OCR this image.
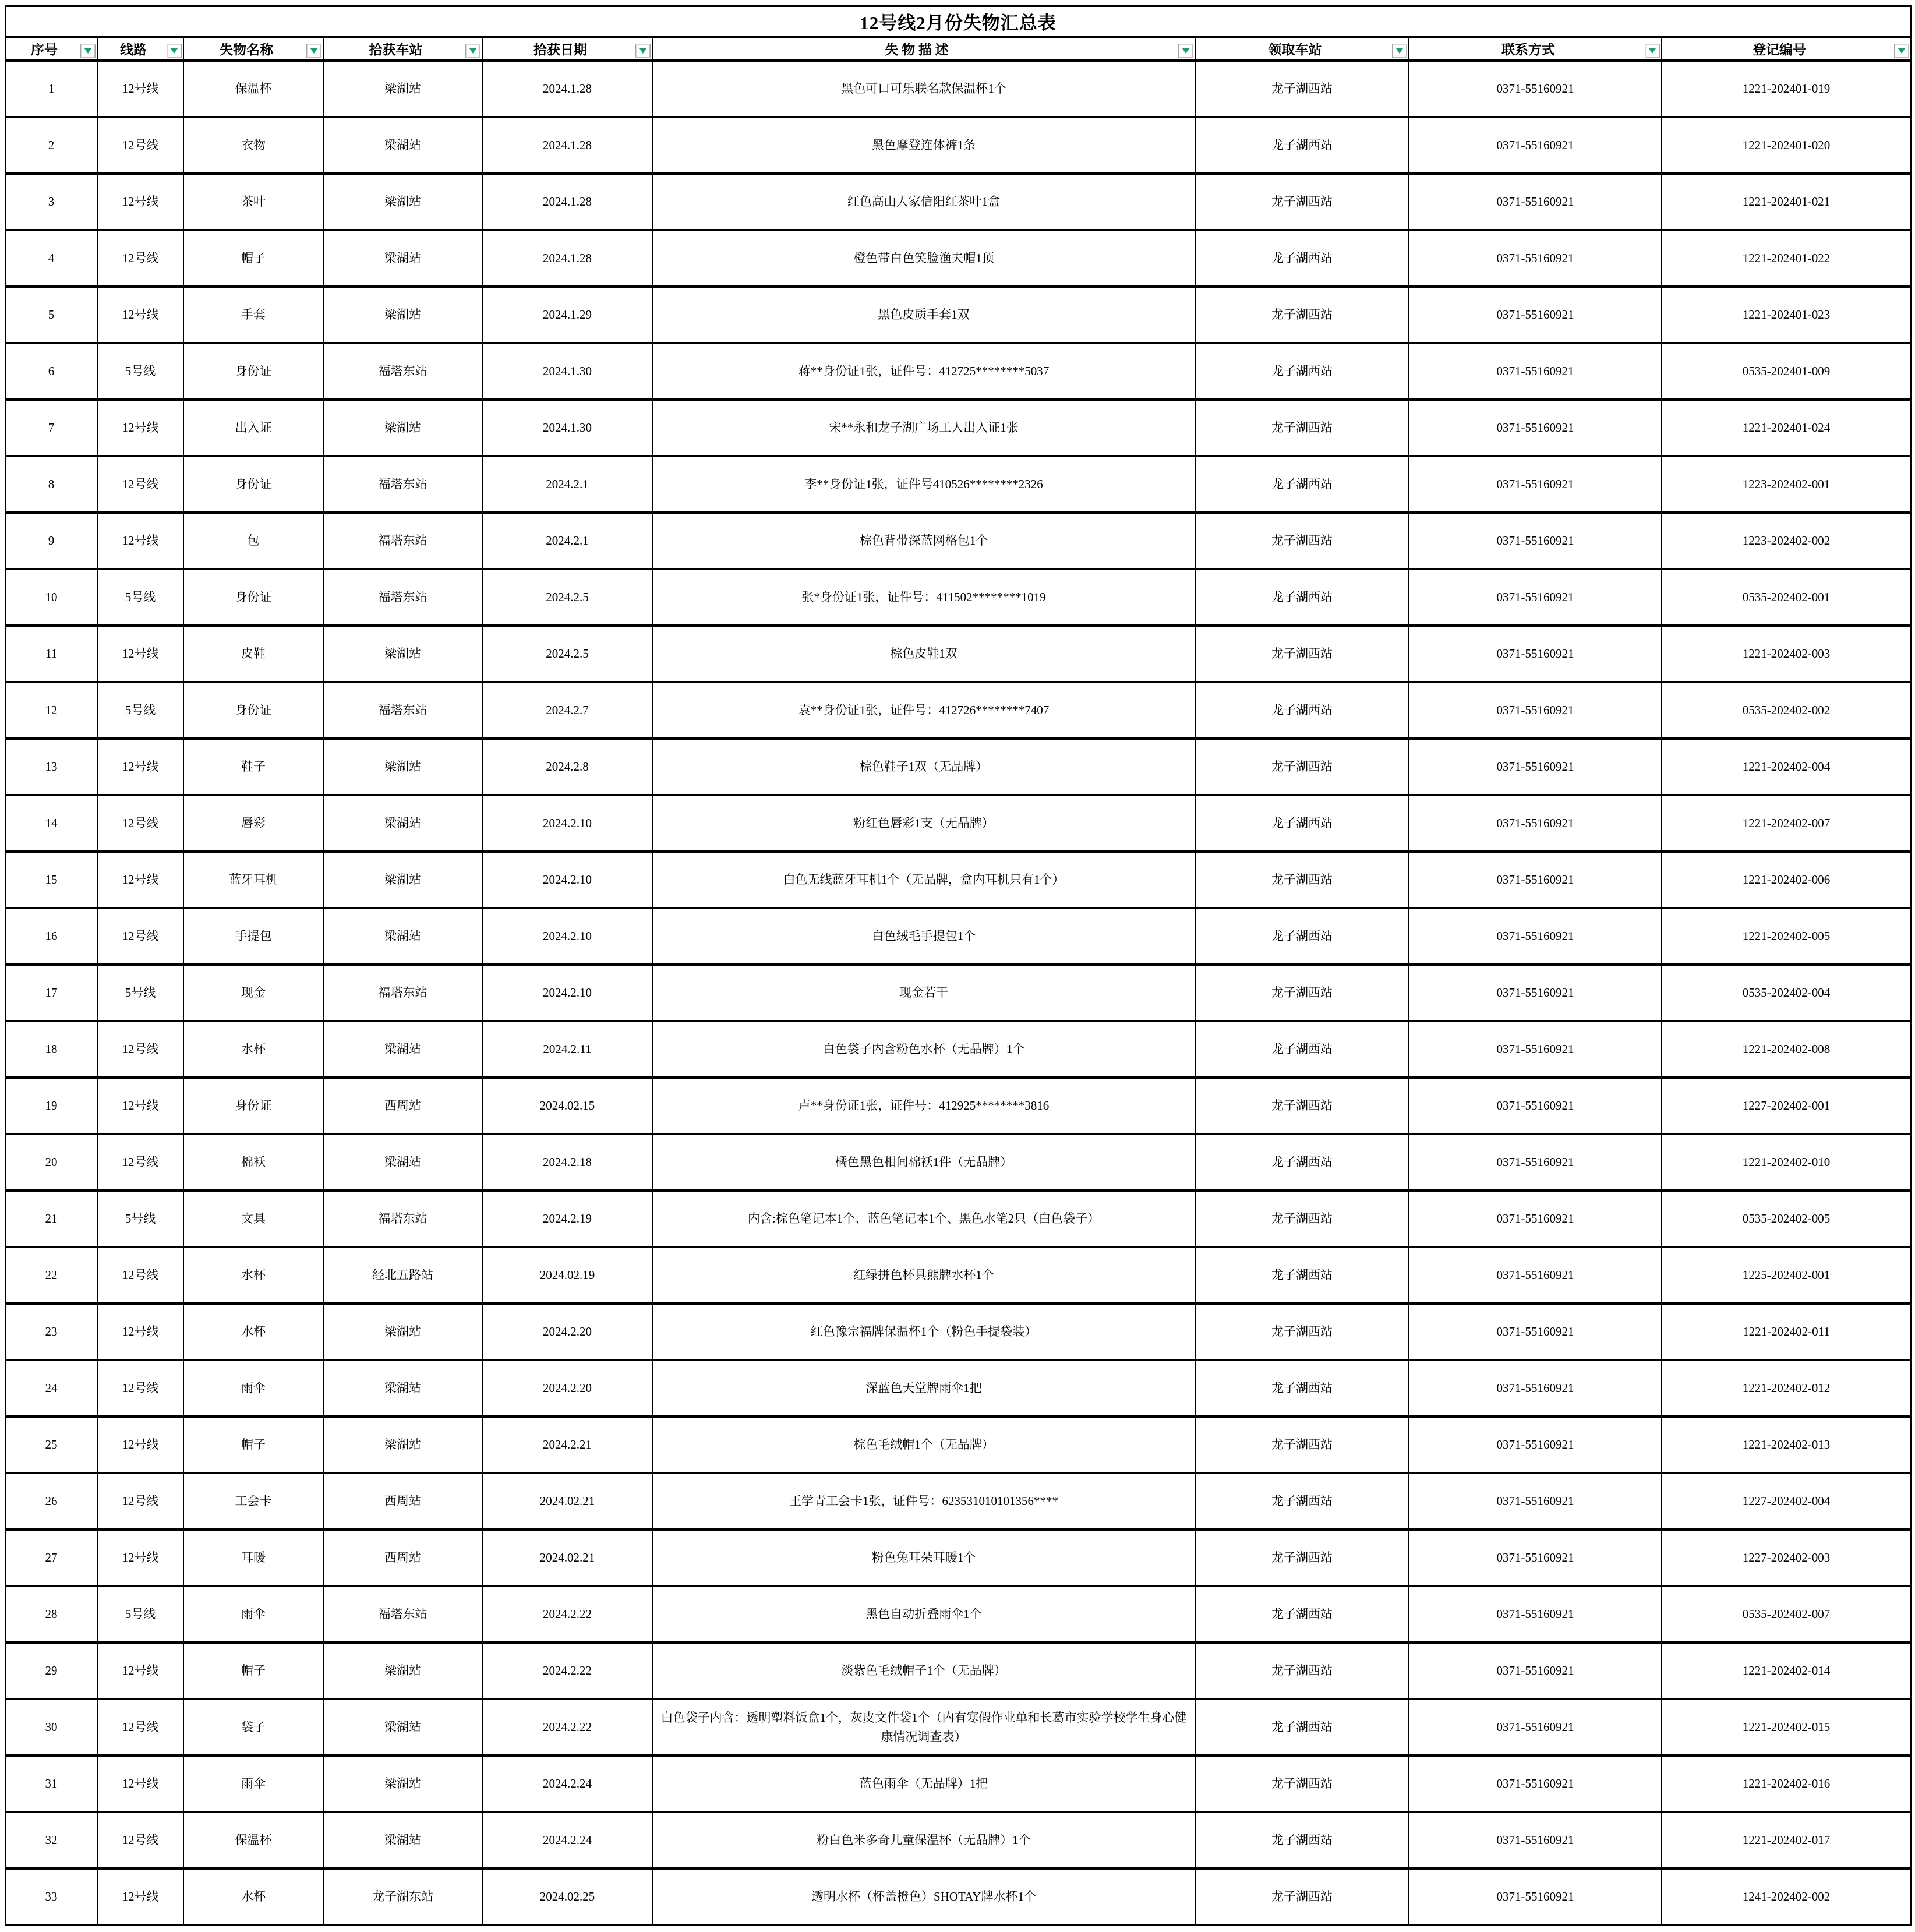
12号线2月份失物汇总表								
序号	线路	失物名称	拾获车站	拾获日期	失 物 描 述	领取车站	联系方式	登记编号

1	12号线	保温杯	梁湖站	2024.1.28	黑色可口可乐联名款保温杯1个	龙子湖西站	0371-55160921	1221-202401-019
2	12号线	衣物	梁湖站	2024.1.28	黑色摩登连体裤1条	龙子湖西站	0371-55160921	1221-202401-020
3	12号线	茶叶	梁湖站	2024.1.28	红色高山人家信阳红茶叶1盒	龙子湖西站	0371-55160921	1221-202401-021
4	12号线	帽子	梁湖站	2024.1.28	橙色带白色笑脸渔夫帽1顶	龙子湖西站	0371-55160921	1221-202401-022
5	12号线	手套	梁湖站	2024.1.29	黑色皮质手套1双	龙子湖西站	0371-55160921	1221-202401-023
6	5号线	身份证	福塔东站	2024.1.30	蒋**身份证1张，证件号：412725********5037	龙子湖西站	0371-55160921	0535-202401-009
7	12号线	出入证	梁湖站	2024.1.30	宋**永和龙子湖广场工人出入证1张	龙子湖西站	0371-55160921	1221-202401-024
8	12号线	身份证	福塔东站	2024.2.1	李**身份证1张，证件号410526********2326	龙子湖西站	0371-55160921	1223-202402-001
9	12号线	包	福塔东站	2024.2.1	棕色背带深蓝网格包1个	龙子湖西站	0371-55160921	1223-202402-002
10	5号线	身份证	福塔东站	2024.2.5	张*身份证1张，证件号：411502********1019	龙子湖西站	0371-55160921	0535-202402-001
11	12号线	皮鞋	梁湖站	2024.2.5	棕色皮鞋1双	龙子湖西站	0371-55160921	1221-202402-003
12	5号线	身份证	福塔东站	2024.2.7	袁**身份证1张，证件号：412726********7407	龙子湖西站	0371-55160921	0535-202402-002
13	12号线	鞋子	梁湖站	2024.2.8	棕色鞋子1双（无品牌）	龙子湖西站	0371-55160921	1221-202402-004
14	12号线	唇彩	梁湖站	2024.2.10	粉红色唇彩1支（无品牌）	龙子湖西站	0371-55160921	1221-202402-007
15	12号线	蓝牙耳机	梁湖站	2024.2.10	白色无线蓝牙耳机1个（无品牌，盒内耳机只有1个）	龙子湖西站	0371-55160921	1221-202402-006
16	12号线	手提包	梁湖站	2024.2.10	白色绒毛手提包1个	龙子湖西站	0371-55160921	1221-202402-005
17	5号线	现金	福塔东站	2024.2.10	现金若干	龙子湖西站	0371-55160921	0535-202402-004
18	12号线	水杯	梁湖站	2024.2.11	白色袋子内含粉色水杯（无品牌）1个	龙子湖西站	0371-55160921	1221-202402-008
19	12号线	身份证	西周站	2024.02.15	卢**身份证1张，证件号：412925********3816	龙子湖西站	0371-55160921	1227-202402-001
20	12号线	棉袄	梁湖站	2024.2.18	橘色黑色相间棉袄1件（无品牌）	龙子湖西站	0371-55160921	1221-202402-010
21	5号线	文具	福塔东站	2024.2.19	内含:棕色笔记本1个、蓝色笔记本1个、黑色水笔2只（白色袋子）	龙子湖西站	0371-55160921	0535-202402-005
22	12号线	水杯	经北五路站	2024.02.19	红绿拼色杯具熊牌水杯1个	龙子湖西站	0371-55160921	1225-202402-001
23	12号线	水杯	梁湖站	2024.2.20	红色豫宗福牌保温杯1个（粉色手提袋装）	龙子湖西站	0371-55160921	1221-202402-011
24	12号线	雨伞	梁湖站	2024.2.20	深蓝色天堂牌雨伞1把	龙子湖西站	0371-55160921	1221-202402-012
25	12号线	帽子	梁湖站	2024.2.21	棕色毛绒帽1个（无品牌）	龙子湖西站	0371-55160921	1221-202402-013
26	12号线	工会卡	西周站	2024.02.21	王学青工会卡1张，证件号：623531010101356****	龙子湖西站	0371-55160921	1227-202402-004
27	12号线	耳暖	西周站	2024.02.21	粉色兔耳朵耳暖1个	龙子湖西站	0371-55160921	1227-202402-003
28	5号线	雨伞	福塔东站	2024.2.22	黑色自动折叠雨伞1个	龙子湖西站	0371-55160921	0535-202402-007
29	12号线	帽子	梁湖站	2024.2.22	淡紫色毛绒帽子1个（无品牌）	龙子湖西站	0371-55160921	1221-202402-014
30	12号线	袋子	梁湖站	2024.2.22	白色袋子内含：透明塑料饭盒1个，灰皮文件袋1个（内有寒假作业单和长葛市实验学校学生身心健康情况调查表）	龙子湖西站	0371-55160921	1221-202402-015
31	12号线	雨伞	梁湖站	2024.2.24	蓝色雨伞（无品牌）1把	龙子湖西站	0371-55160921	1221-202402-016
32	12号线	保温杯	梁湖站	2024.2.24	粉白色米多奇儿童保温杯（无品牌）1个	龙子湖西站	0371-55160921	1221-202402-017
33	12号线	水杯	龙子湖东站	2024.02.25	透明水杯（杯盖橙色）SHOTAY牌水杯1个	龙子湖西站	0371-55160921	1241-202402-002
